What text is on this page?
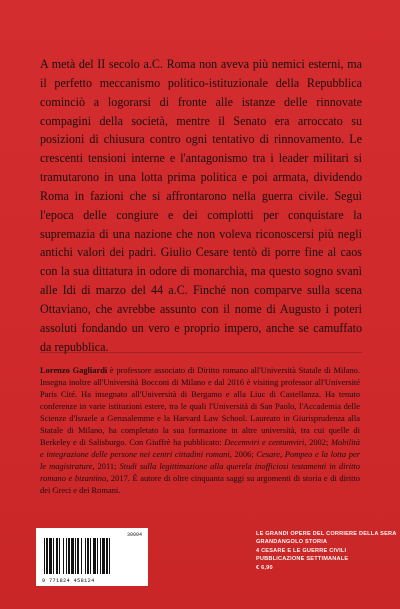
A metà del II secolo a.C. Roma non aveva più nemici esterni, ma il perfetto meccanismo politico-istituzionale della Repubblica cominciò a logorarsi di fronte alle istanze delle rinnovate compagini della società, mentre il Senato era arroccato su posizioni di chiusura contro ogni tentativo di rinnovamento. Le crescenti tensioni interne e l'antagonismo tra i leader militari si tramutarono in una lotta prima politica e poi armata, dividendo Roma in fazioni che si affrontarono nella guerra civile. Seguì l'epoca delle congiure e dei complotti per conquistare la supremazia di una nazione che non voleva riconoscersi più negli antichi valori dei padri. Giulio Cesare tentò di porre fine al caos con la sua dittatura in odore di monarchia, ma questo sogno svanì alle Idi di marzo del 44 a.C. Finché non comparve sulla scena Ottaviano, che avrebbe assunto con il nome di Augusto i poteri assoluti fondando un vero e proprio impero, anche se camuffato da repubblica.

Lorenzo Gagliardi è professore associato di Diritto romano all'Università Statale di Milano. Insegna inoltre all'Università Bocconi di Milano e dal 2016 è visiting professor all'Université Paris Cité. Ha insegnato all'Università di Bergamo e alla Liuc di Castellanza. Ha tenuto conferenze in varie istituzioni estere, tra le quali l'Università di San Paolo, l'Accademia delle Scienze d'Israele a Gerusalemme e la Harvard Law School. Laureato in Giurisprudenza alla Statale di Milano, ha completato la sua formazione in altre università, tra cui quelle di Berkeley e di Salisburgo. Con Giuffrè ha pubblicato: Decemviri e centumviri, 2002; Mobilità e integrazione delle persone nei centri cittadini romani, 2006; Cesare, Pompeo e la lotta per le magistrature, 2011; Studi sulla legittimazione alla querela inofficiosi testamenti in diritto romano e bizantino, 2017. È autore di oltre cinquanta saggi su argomenti di storia e di diritto dei Greci e dei Romani.

30004
9 771824 458124
LE GRANDI OPERE DEL CORRIERE DELLA SERA
GRANDANGOLO STORIA
4 CESARE E LE GUERRE CIVILI
PUBBLICAZIONE SETTIMANALE
€ 6,90
